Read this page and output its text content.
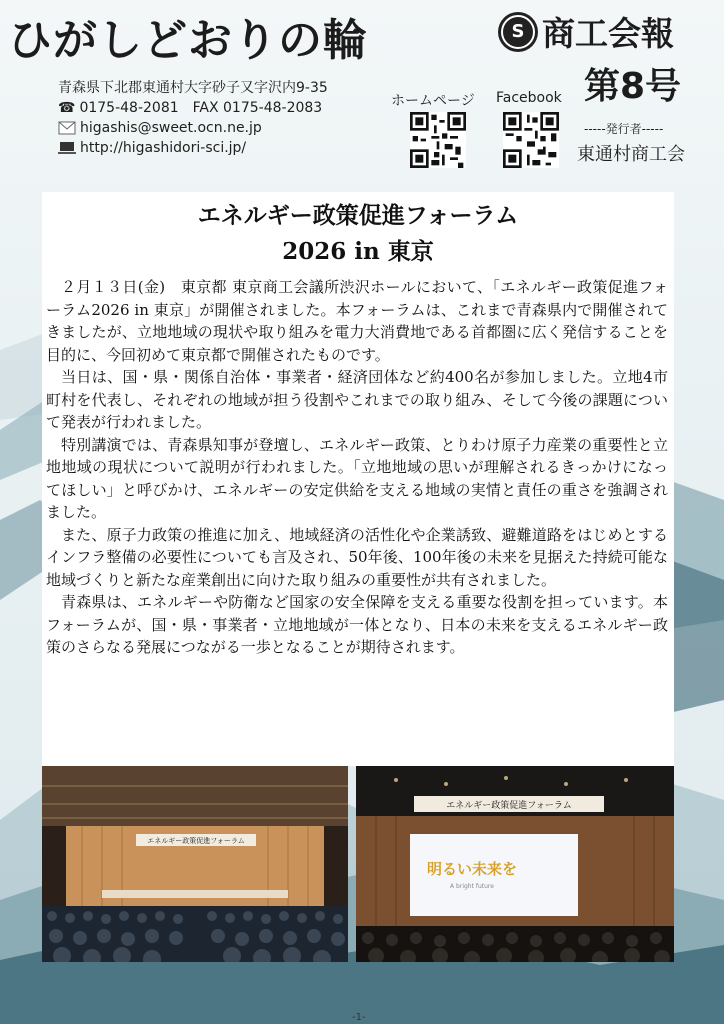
ひがしどおりの輪	S 商工会報
第8号
青森県下北郡東通村大字砂子又字沢内9-35
☎ 0175-48-2081 FAX 0175-48-2083
higashis@sweet.ocn.ne.jp
http://higashidori-sci.jp/
ホームページ Facebook
-----発行者-----
東通村商工会
エネルギー政策促進フォーラム
2026 in 東京

２月１３日(金)　東京都 東京商工会議所渋沢ホールにおいて、「エネルギー政策促進フォーラム2026 in 東京」が開催されました。本フォーラムは、これまで青森県内で開催されてきましたが、立地地域の現状や取り組みを電力大消費地である首都圏に広く発信することを目的に、今回初めて東京都で開催されたものです。

当日は、国・県・関係自治体・事業者・経済団体など約400名が参加しました。立地4市町村を代表し、それぞれの地域が担う役割やこれまでの取り組み、そして今後の課題について発表が行われました。

特別講演では、青森県知事が登壇し、エネルギー政策、とりわけ原子力産業の重要性と立地地域の現状について説明が行われました。「立地地域の思いが理解されるきっかけになってほしい」と呼びかけ、エネルギーの安定供給を支える地域の実情と責任の重さを強調されました。

また、原子力政策の推進に加え、地域経済の活性化や企業誘致、避難道路をはじめとするインフラ整備の必要性についても言及され、50年後、100年後の未来を見据えた持続可能な地域づくりと新たな産業創出に向けた取り組みの重要性が共有されました。

青森県は、エネルギーや防衛など国家の安全保障を支える重要な役割を担っています。本フォーラムが、国・県・事業者・立地地域が一体となり、日本の未来を支えるエネルギー政策のさらなる発展につながる一歩となることが期待されます。

エネルギー政策促進フォーラム
エネルギー政策促進フォーラム
明るい未来を
A bright future
-1-
